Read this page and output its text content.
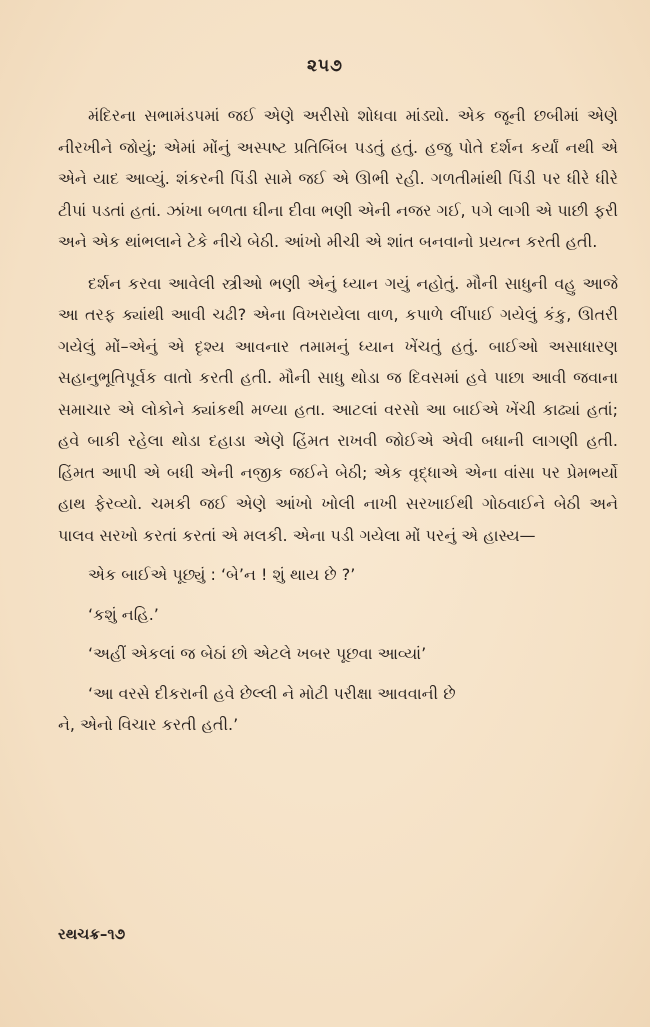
૨૫૭

મંદિરના સભામંડપમાં જઈ એણે અરીસો શોધવા માંડ્યો. એક જૂની છબીમાં એણે નીરખીને જોયું; એમાં મોંનું અસ્પષ્ટ પ્રતિબિંબ પડતું હતું. હજુ પોતે દર્શન કર્યાં નથી એ એને યાદ આવ્યું. શંકરની પિંડી સામે જઈ એ ઊભી રહી. ગળતીમાંથી પિંડી પર ધીરે ધીરે ટીપાં પડતાં હતાં. ઝાંખા બળતા ઘીના દીવા ભણી એની નજર ગઈ, પગે લાગી એ પાછી ફરી અને એક થાંભલાને ટેકે નીચે બેઠી. આંખો મીચી એ શાંત બનવાનો પ્રયત્ન કરતી હતી.

દર્શન કરવા આવેલી સ્ત્રીઓ ભણી એનું ધ્યાન ગયું નહોતું. મૌની સાધુની વહુ આજે આ તરફ ક્યાંથી આવી ચઢી? એના વિખરાયેલા વાળ, કપાળે લીંપાઈ ગયેલું કંકુ, ઊતરી ગયેલું મોં–એનું એ દૃશ્ય આવનાર તમામનું ધ્યાન ખેંચતું હતું. બાઈઓ અસાધારણ સહાનુભૂતિપૂર્વક વાતો કરતી હતી. મૌની સાધુ થોડા જ દિવસમાં હવે પાછા આવી જવાના સમાચાર એ લોકોને ક્યાંકથી મળ્યા હતા. આટલાં વરસો આ બાઈએ ખેંચી કાઢ્યાં હતાં; હવે બાકી રહેલા થોડા દહાડા એણે હિંમત રાખવી જોઈએ એવી બધાની લાગણી હતી. હિંમત આપી એ બધી એની નજીક જઈને બેઠી; એક વૃદ્ધાએ એના વાંસા પર પ્રેમભર્યો હાથ ફેરવ્યો. ચમકી જઈ એણે આંખો ખોલી નાખી સરખાઈથી ગોઠવાઈને બેઠી અને પાલવ સરખો કરતાં કરતાં એ મલકી. એના પડી ગયેલા મોં પરનું એ હાસ્ય—

એક બાઈએ પૂછ્યું : ‘બે’ન ! શું થાય છે ?’

‘કશું નહિ.’

‘અહીં એકલાં જ બેઠાં છો એટલે ખબર પૂછવા આવ્યાં’

‘આ વરસે દીકરાની હવે છેલ્લી ને મોટી પરીક્ષા આવવાની છે

ને, એનો વિચાર કરતી હતી.’

રથચક્ર–૧૭
